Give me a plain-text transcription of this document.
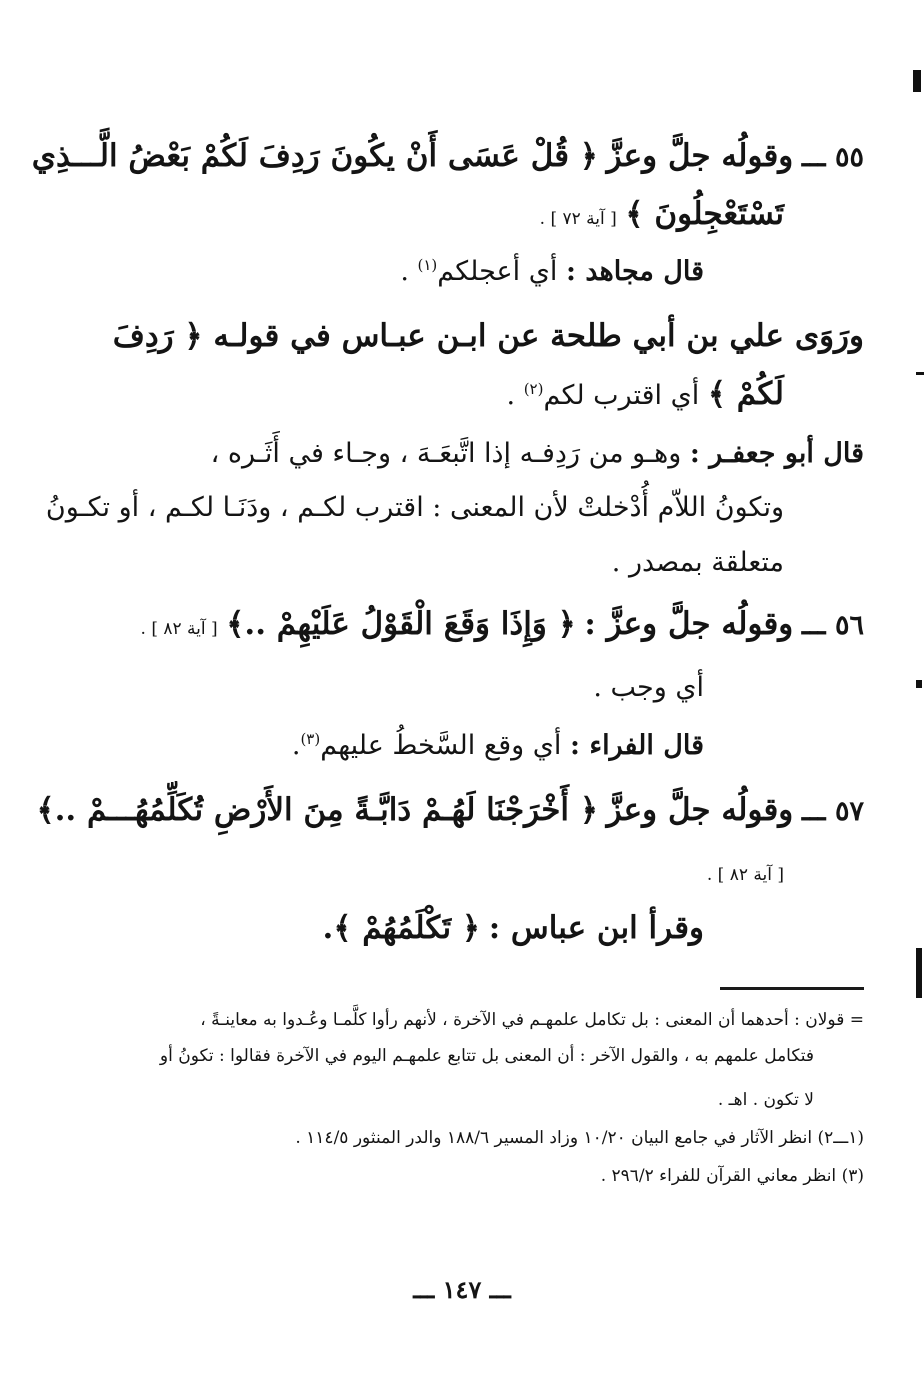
٥٥ ـــ وقولُه جلَّ وعزَّ ﴿ قُلْ عَسَى أَنْ يكُونَ رَدِفَ لَكُمْ بَعْضُ الَّـــذِي
تَسْتَعْجِلُونَ ﴾ [ آية ٧٢ ] .
قال مجاهد : أي أعجلكم$^{(١)}$ .
ورَوَى علي بن أبي طلحة عن ابـن عبـاس في قولـه ﴿ رَدِفَ
لَكُمْ ﴾ أي اقترب لكم$^{(٢)}$ .
قال أبو جعفـر : وهـو من رَدِفـه إذا اتَّبعَـهَ ، وجـاء في أَثَـره ،
وتكونُ اللاّم أُدْخلتْ لأن المعنى : اقترب لكـم ، ودَنَـا لكـم ، أو تكـونُ
متعلقة بمصدر .
٥٦ ـــ وقولُه جلَّ وعزَّ : ﴿ وَإِذَا وَقَعَ الْقَوْلُ عَلَيْهِمْ ..﴾ [ آية ٨٢ ] .
أي وجب .
قال الفراء : أي وقع السَّخطُ عليهم$^{(٣)}$.
٥٧ ـــ وقولُه جلَّ وعزَّ ﴿ أَخْرَجْنَا لَهُـمْ دَابَّـةً مِنَ الأَرْضِ تُكَلِّمُهُـــمْ ..﴾
[ آية ٨٢ ] .
وقرأ ابن عباس : ﴿ تَكْلَمُهُمْ ﴾.
= قولان : أحدهما أن المعنى : بل تكامل علمهـم في الآخرة ، لأنهم رأوا كلَّمـا وعُـدوا به معاينـةً ،
فتكامل علمهم به ، والقول الآخر : أن المعنى بل تتابع علمهـم اليوم في الآخرة فقالوا : تكونُ أو
لا تكون . اهـ .
(١ـــ٢) انظر الآثار في جامع البيان ١٠/٢٠ وزاد المسير ١٨٨/٦ والدر المنثور ١١٤/٥ .
(٣) انظر معاني القرآن للفراء ٢٩٦/٢ .
ـــ ١٤٧ ـــ
